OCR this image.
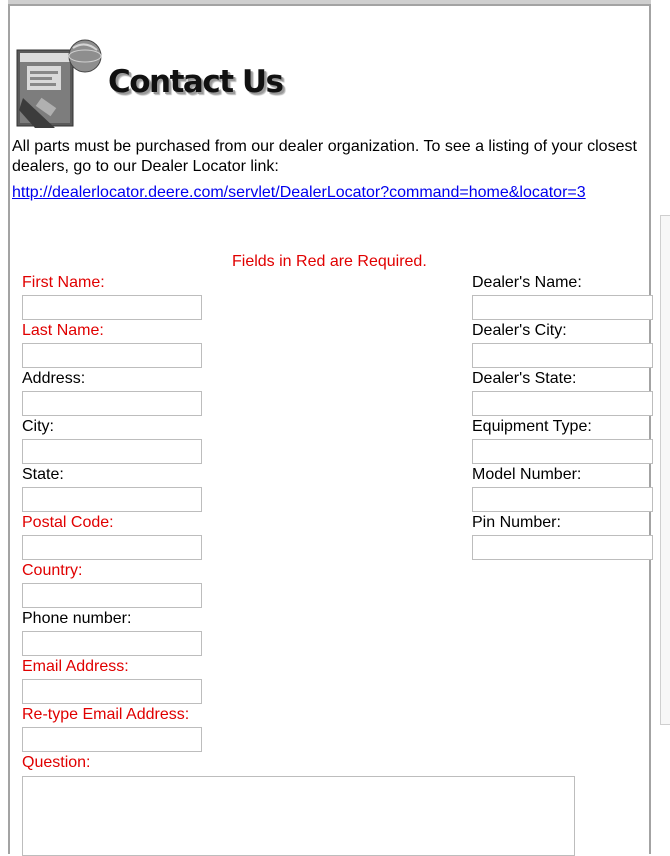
Contact Us
All parts must be purchased from our dealer organization. To see a listing of your closest dealers, go to our Dealer Locator link:
http://dealerlocator.deere.com/servlet/DealerLocator?command=home&locator=3
Fields in Red are Required.
First Name:
Last Name:
Address:
City:
State:
Postal Code:
Country:
Phone number:
Email Address:
Re-type Email Address:
Question:
Dealer's Name:
Dealer's City:
Dealer's State:
Equipment Type:
Model Number:
Pin Number:
